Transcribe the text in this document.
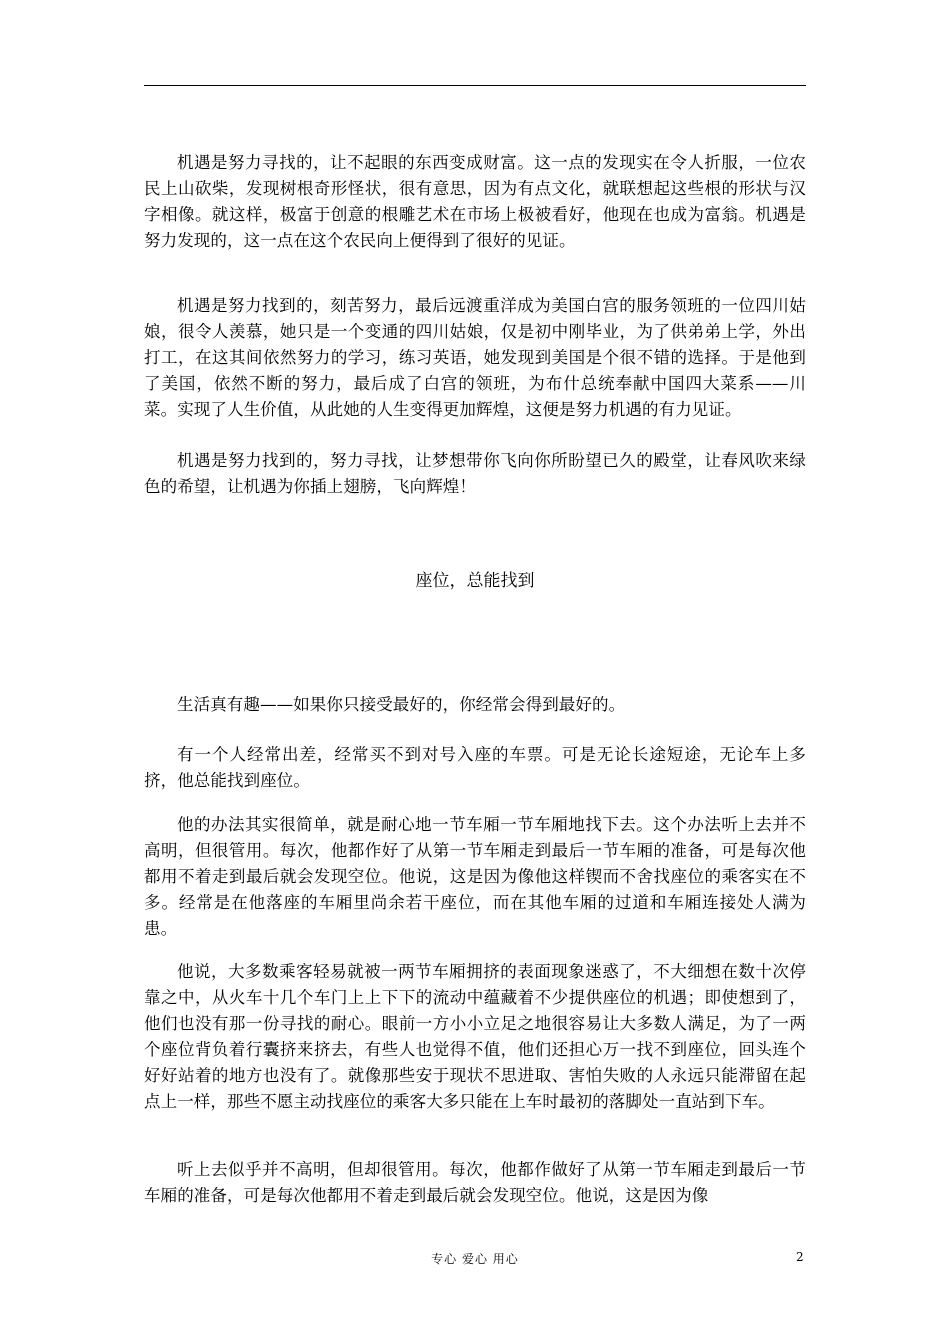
机遇是努力寻找的，让不起眼的东西变成财富。这一点的发现实在令人折服，一位农民上山砍柴，发现树根奇形怪状，很有意思，因为有点文化，就联想起这些根的形状与汉字相像。就这样，极富于创意的根雕艺术在市场上极被看好，他现在也成为富翁。机遇是努力发现的，这一点在这个农民向上便得到了很好的见证。

机遇是努力找到的，刻苦努力，最后远渡重洋成为美国白宫的服务领班的一位四川姑娘，很令人羡慕，她只是一个变通的四川姑娘，仅是初中刚毕业，为了供弟弟上学，外出打工，在这其间依然努力的学习，练习英语，她发现到美国是个很不错的选择。于是他到了美国，依然不断的努力，最后成了白宫的领班，为布什总统奉献中国四大菜系——川菜。实现了人生价值，从此她的人生变得更加辉煌，这便是努力机遇的有力见证。

机遇是努力找到的，努力寻找，让梦想带你飞向你所盼望已久的殿堂，让春风吹来绿色的希望，让机遇为你插上翅膀，飞向辉煌！

座位，总能找到

生活真有趣——如果你只接受最好的，你经常会得到最好的。

有一个人经常出差，经常买不到对号入座的车票。可是无论长途短途，无论车上多挤，他总能找到座位。

他的办法其实很简单，就是耐心地一节车厢一节车厢地找下去。这个办法听上去并不高明，但很管用。每次，他都作好了从第一节车厢走到最后一节车厢的准备，可是每次他都用不着走到最后就会发现空位。他说，这是因为像他这样锲而不舍找座位的乘客实在不多。经常是在他落座的车厢里尚余若干座位，而在其他车厢的过道和车厢连接处人满为患。

他说，大多数乘客轻易就被一两节车厢拥挤的表面现象迷惑了，不大细想在数十次停靠之中，从火车十几个车门上上下下的流动中蕴藏着不少提供座位的机遇；即使想到了，他们也没有那一份寻找的耐心。眼前一方小小立足之地很容易让大多数人满足，为了一两个座位背负着行囊挤来挤去，有些人也觉得不值，他们还担心万一找不到座位，回头连个好好站着的地方也没有了。就像那些安于现状不思进取、害怕失败的人永远只能滞留在起点上一样，那些不愿主动找座位的乘客大多只能在上车时最初的落脚处一直站到下车。

听上去似乎并不高明，但却很管用。每次，他都作做好了从第一节车厢走到最后一节车厢的准备，可是每次他都用不着走到最后就会发现空位。他说，这是因为像

专心 爱心 用心	2
